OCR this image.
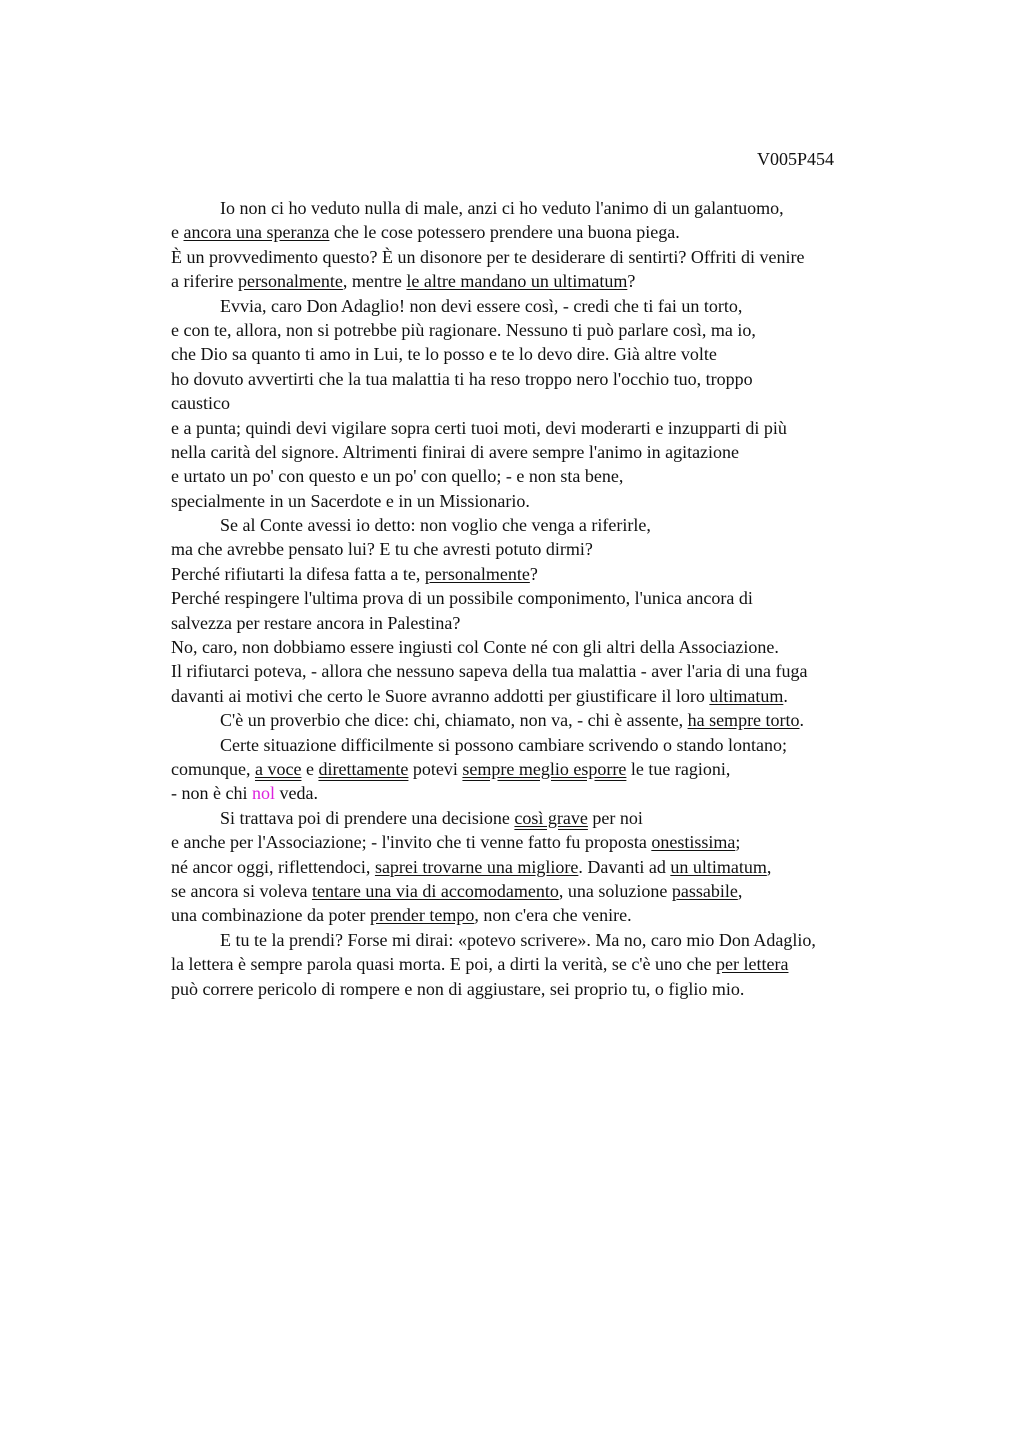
V005P454
Io non ci ho veduto nulla di male, anzi ci ho veduto l'animo di un galantuomo,
e ancora una speranza che le cose potessero prendere una buona piega.
È un provvedimento questo? È un disonore per te desiderare di sentirti? Offriti di venire
a riferire personalmente, mentre le altre mandano un ultimatum?
Evvia, caro Don Adaglio! non devi essere così, - credi che ti fai un torto,
e con te, allora, non si potrebbe più ragionare. Nessuno ti può parlare così, ma io,
che Dio sa quanto ti amo in Lui, te lo posso e te lo devo dire. Già altre volte
ho dovuto avvertirti che la tua malattia ti ha reso troppo nero l'occhio tuo, troppo
caustico
e a punta; quindi devi vigilare sopra certi tuoi moti, devi moderarti e inzupparti di più
nella carità del signore. Altrimenti finirai di avere sempre l'animo in agitazione
e urtato un po' con questo e un po' con quello; - e non sta bene,
specialmente in un Sacerdote e in un Missionario.
Se al Conte avessi io detto: non voglio che venga a riferirle,
ma che avrebbe pensato lui? E tu che avresti potuto dirmi?
Perché rifiutarti la difesa fatta a te, personalmente?
Perché respingere l'ultima prova di un possibile componimento, l'unica ancora di
salvezza per restare ancora in Palestina?
No, caro, non dobbiamo essere ingiusti col Conte né con gli altri della Associazione.
Il rifiutarci poteva, - allora che nessuno sapeva della tua malattia - aver l'aria di una fuga
davanti ai motivi che certo le Suore avranno addotti per giustificare il loro ultimatum.
C'è un proverbio che dice: chi, chiamato, non va, - chi è assente, ha sempre torto.
Certe situazione difficilmente si possono cambiare scrivendo o stando lontano;
comunque, a voce e direttamente potevi sempre meglio esporre le tue ragioni,
- non è chi nol veda.
Si trattava poi di prendere una decisione così grave per noi
e anche per l'Associazione; - l'invito che ti venne fatto fu proposta onestissima;
né ancor oggi, riflettendoci, saprei trovarne una migliore. Davanti ad un ultimatum,
se ancora si voleva tentare una via di accomodamento, una soluzione passabile,
una combinazione da poter prender tempo, non c'era che venire.
E tu te la prendi? Forse mi dirai: «potevo scrivere». Ma no, caro mio Don Adaglio,
la lettera è sempre parola quasi morta. E poi, a dirti la verità, se c'è uno che per lettera
può correre pericolo di rompere e non di aggiustare, sei proprio tu, o figlio mio.
